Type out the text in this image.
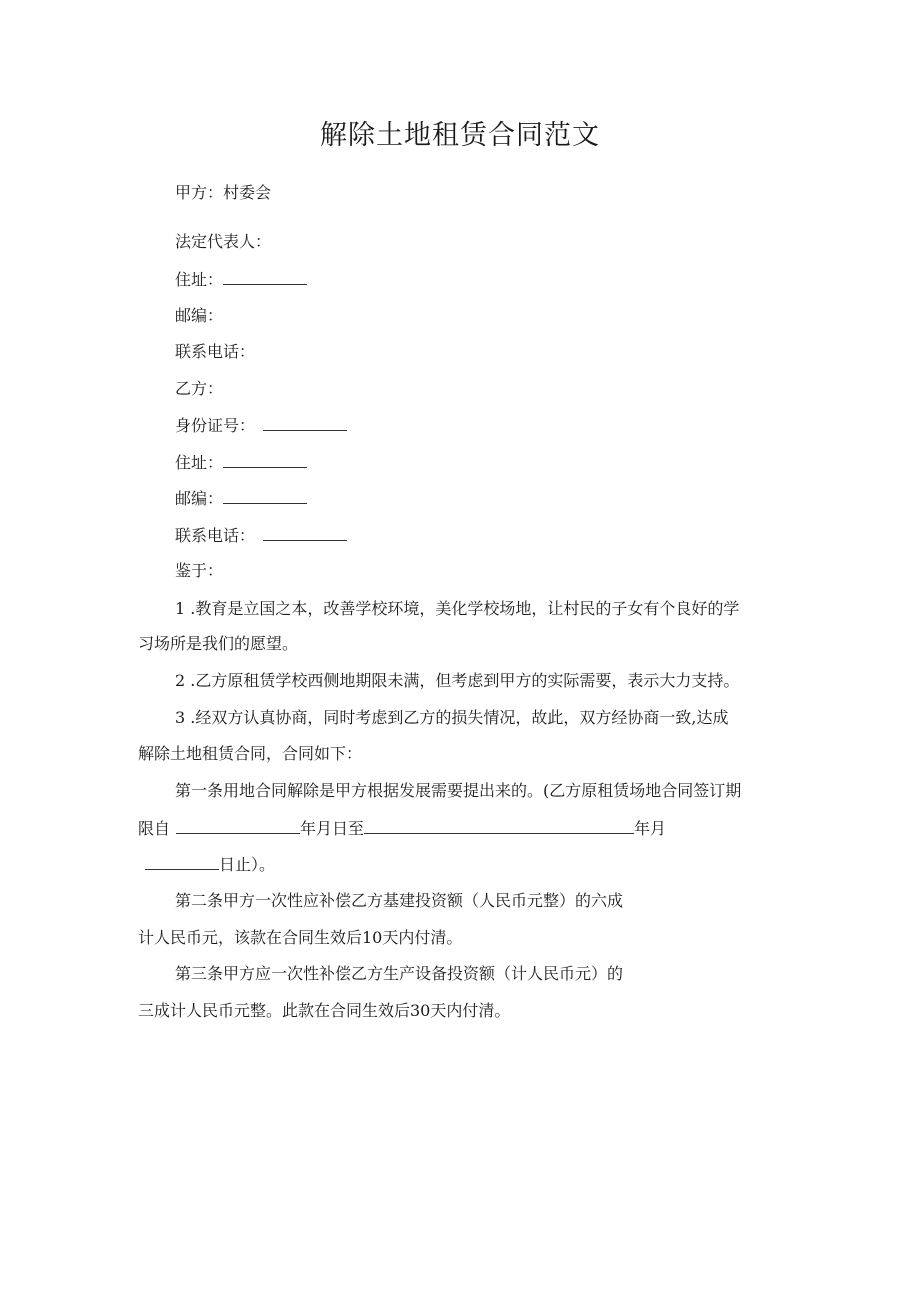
解除土地租赁合同范文
甲方：村委会
法定代表人：
住址：
邮编：
联系电话：
乙方：
身份证号：
住址：
邮编：
联系电话：
鉴于：
1 .教育是立国之本，改善学校环境，美化学校场地，让村民的子女有个良好的学
习场所是我们的愿望。
2 .乙方原租赁学校西侧地期限未满，但考虑到甲方的实际需要，表示大力支持。
3 .经双方认真协商，同时考虑到乙方的损失情况，故此，双方经协商一致,达成
解除土地租赁合同，合同如下：
第一条用地合同解除是甲方根据发展需要提出来的。(乙方原租赁场地合同签订期
限自	年月日至	年月
日止）。
第二条甲方一次性应补偿乙方基建投资额（人民币元整）的六成
计人民币元，该款在合同生效后10天内付清。
第三条甲方应一次性补偿乙方生产设备投资额（计人民币元）的
三成计人民币元整。此款在合同生效后30天内付清。
